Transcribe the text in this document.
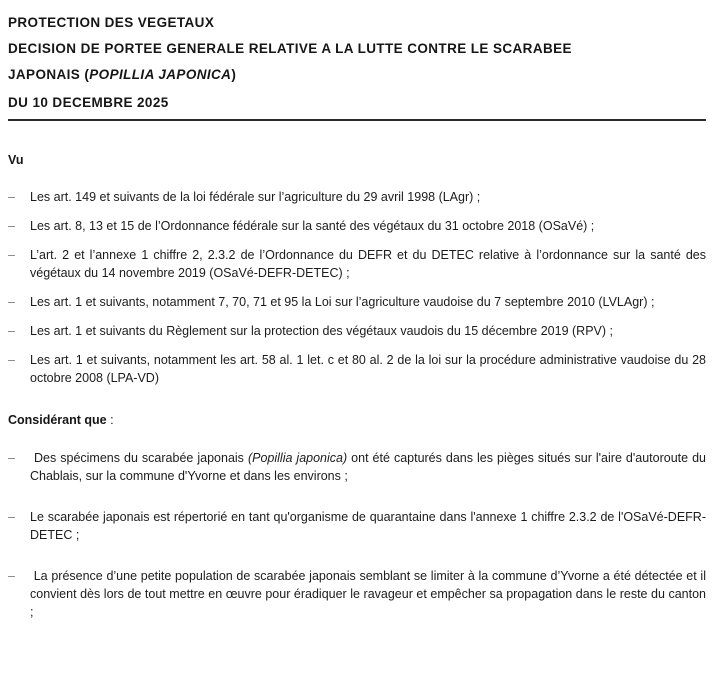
PROTECTION DES VEGETAUX

DECISION DE PORTEE GENERALE RELATIVE A LA LUTTE CONTRE LE SCARABEE

JAPONAIS (POPILLIA JAPONICA)

DU 10 DECEMBRE 2025

Vu
–	Les art. 149 et suivants de la loi fédérale sur l’agriculture du 29 avril 1998 (LAgr) ;

–	Les art. 8, 13 et 15 de l’Ordonnance fédérale sur la santé des végétaux du 31 octobre 2018 (OSaVé) ;

–	L’art. 2 et l’annexe 1 chiffre 2, 2.3.2 de l’Ordonnance du DEFR et du DETEC relative à l’ordonnance sur la santé des végétaux du 14 novembre 2019 (OSaVé-DEFR-DETEC) ;

–	Les art. 1 et suivants, notamment 7, 70, 71 et 95 la Loi sur l’agriculture vaudoise du 7 septembre 2010 (LVLAgr) ;

–	Les art. 1 et suivants du Règlement sur la protection des végétaux vaudois du 15 décembre 2019 (RPV) ;

–	Les art. 1 et suivants, notamment les art. 58 al. 1 let. c et 80 al. 2 de la loi sur la procédure administrative vaudoise du 28 octobre 2008 (LPA-VD)

Considérant que :
–	Des spécimens du scarabée japonais (Popillia japonica) ont été capturés dans les pièges situés sur l'aire d'autoroute du Chablais, sur la commune d'Yvorne et dans les environs ;

–	Le scarabée japonais est répertorié en tant qu'organisme de quarantaine dans l'annexe 1 chiffre 2.3.2 de l'OSaVé-DEFR-DETEC ;

–	La présence d’une petite population de scarabée japonais semblant se limiter à la commune d’Yvorne a été détectée et il convient dès lors de tout mettre en œuvre pour éradiquer le ravageur et empêcher sa propagation dans le reste du canton ;
